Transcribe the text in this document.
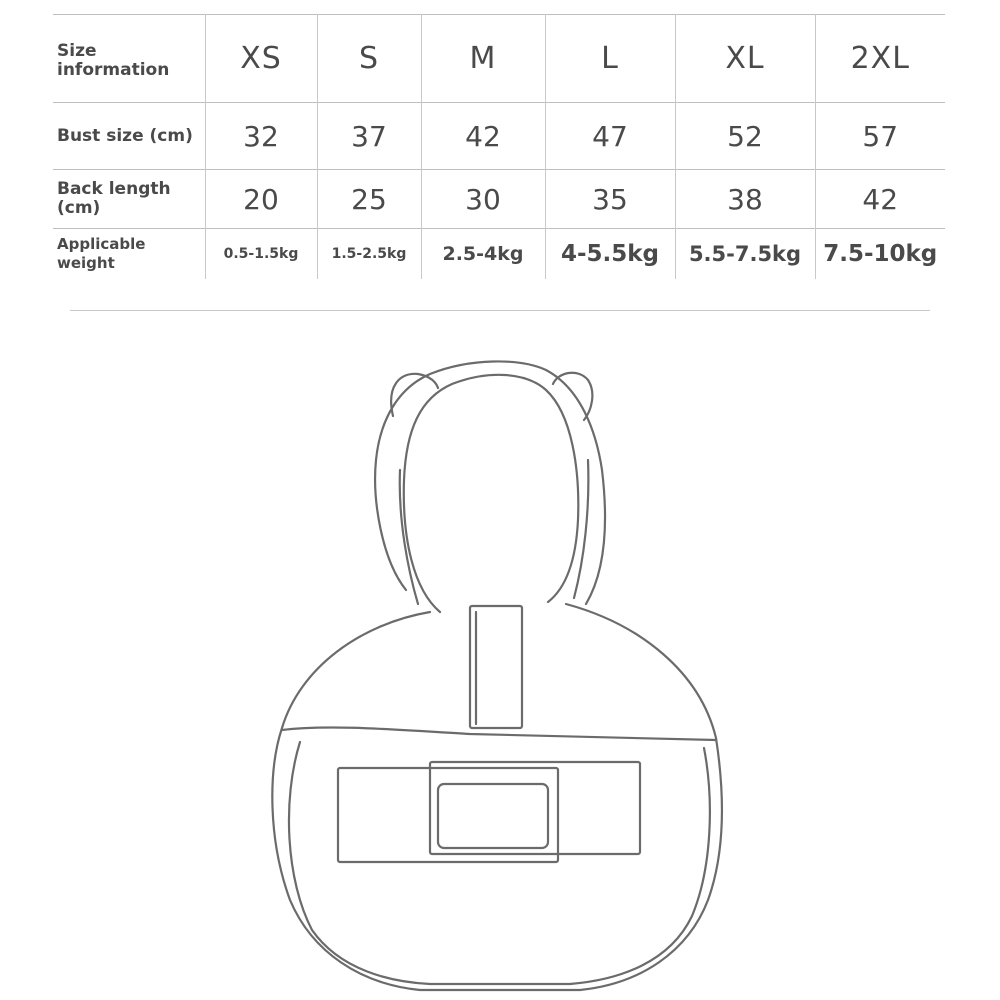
Size information	XS	S	M	L	XL	2XL
Bust size (cm)	32	37	42	47	52	57
Back length (cm)	20	25	30	35	38	42
Applicable weight	0.5-1.5kg	1.5-2.5kg	2.5-4kg	4-5.5kg	5.5-7.5kg	7.5-10kg
